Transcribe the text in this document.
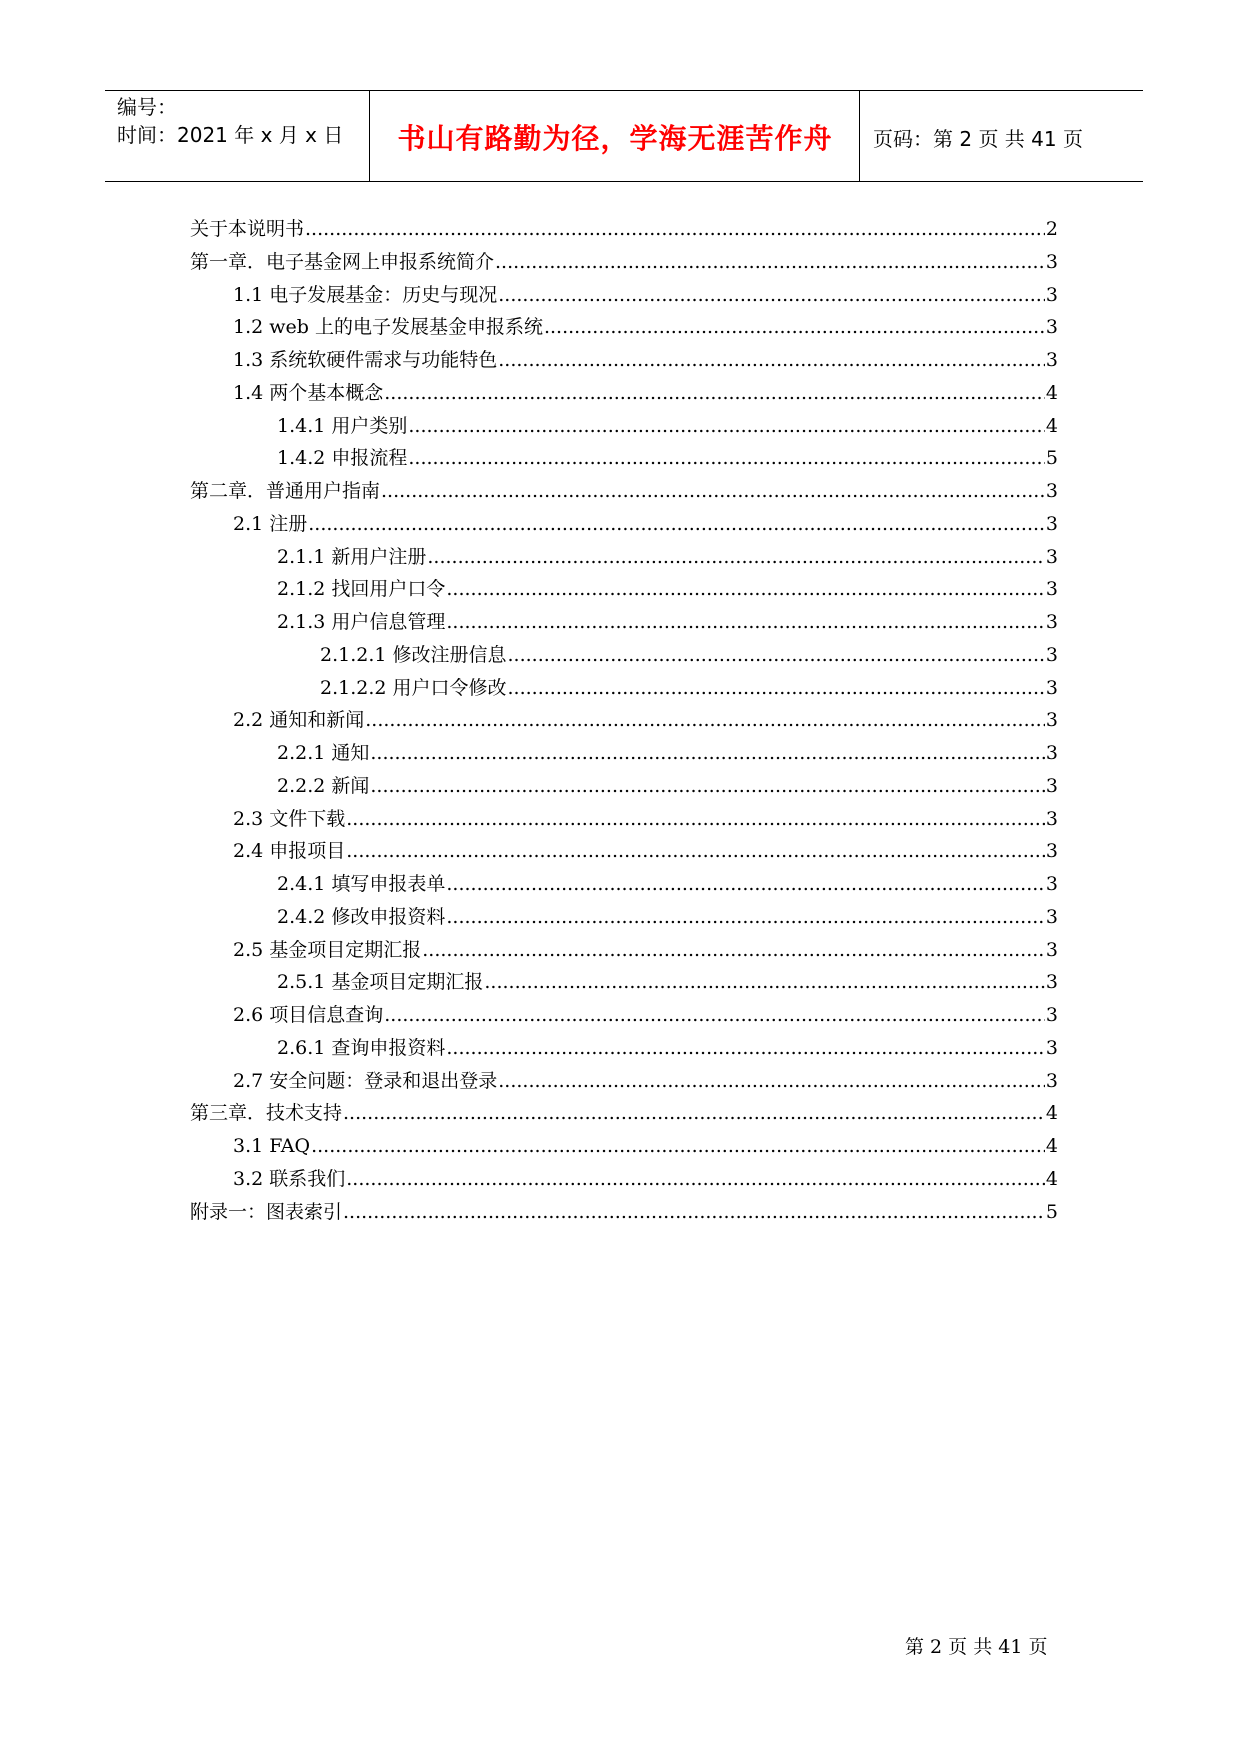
编号：
时间：2021 年 x 月 x 日	书山有路勤为径，学海无涯苦作舟	页码：第 2 页 共 41 页
关于本说明书 .....	2
第一章．电子基金网上申报系统简介 .....	3
1.1 电子发展基金：历史与现况 .....	3
1.2 web 上的电子发展基金申报系统 .....	3
1.3 系统软硬件需求与功能特色 .....	3
1.4 两个基本概念 .....	4
1.4.1 用户类别 .....	4
1.4.2 申报流程 .....	5
第二章．普通用户指南 .....	3
2.1 注册 .....	3
2.1.1 新用户注册 .....	3
2.1.2 找回用户口令 .....	3
2.1.3 用户信息管理 .....	3
2.1.2.1 修改注册信息 .....	3
2.1.2.2 用户口令修改 .....	3
2.2 通知和新闻 .....	3
2.2.1 通知 .....	3
2.2.2 新闻 .....	3
2.3 文件下载 .....	3
2.4 申报项目 .....	3
2.4.1 填写申报表单 .....	3
2.4.2 修改申报资料 .....	3
2.5 基金项目定期汇报 .....	3
2.5.1 基金项目定期汇报 .....	3
2.6 项目信息查询 .....	3
2.6.1 查询申报资料 .....	3
2.7 安全问题：登录和退出登录 .....	3
第三章．技术支持 .....	4
3.1 FAQ .....	4
3.2 联系我们 .....	4
附录一：图表索引 .....	5
第 2 页 共 41 页
